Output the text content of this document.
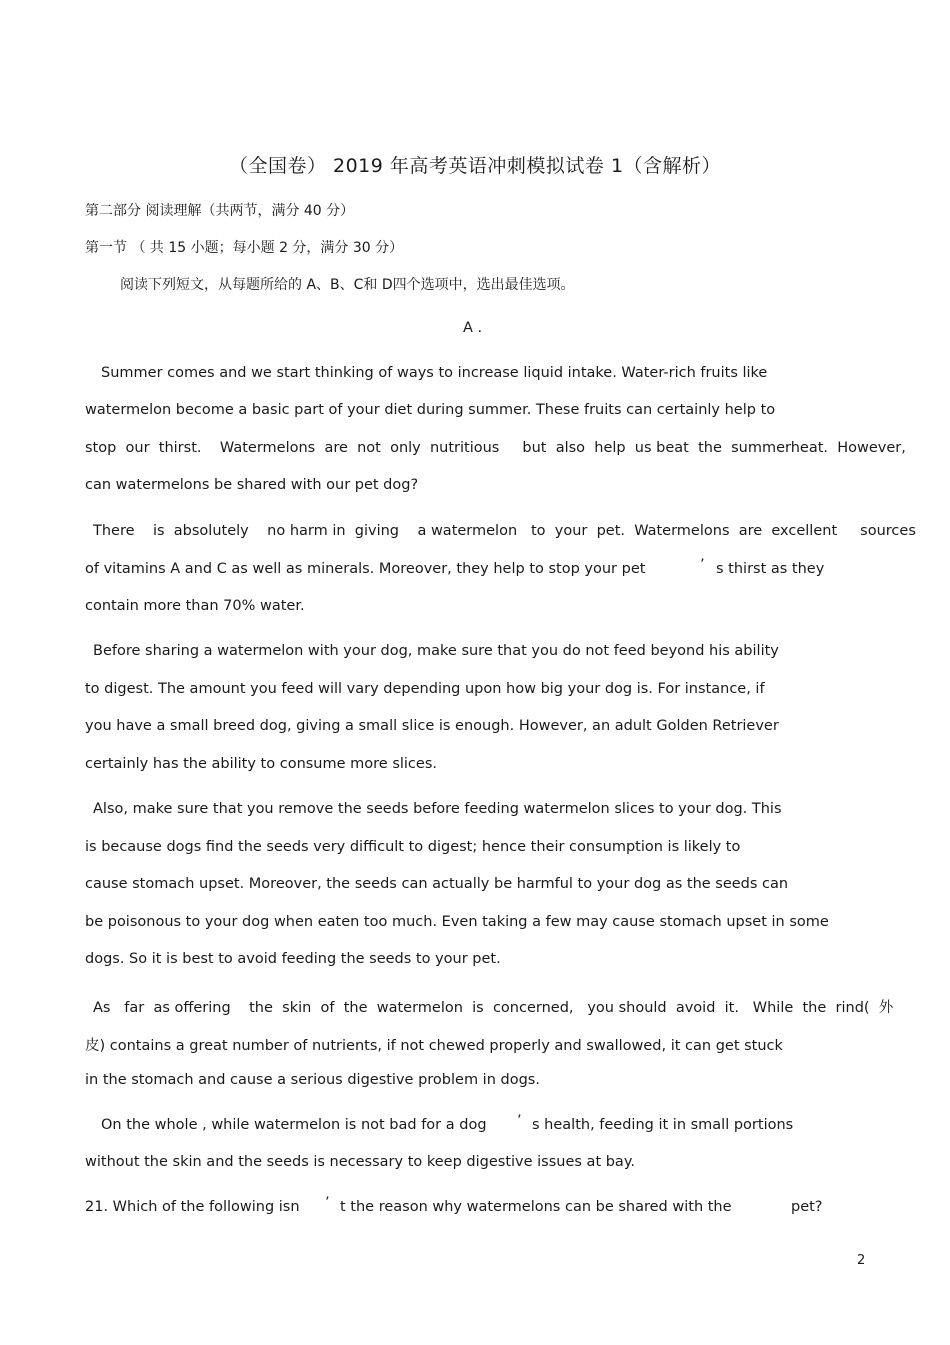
（全国卷） 2019 年高考英语冲刺模拟试卷 1（含解析）
第二部分 阅读理解（共两节，满分 40 分）
第一节 （ 共 15 小题；每小题 2 分，满分 30 分）
阅读下列短文，从每题所给的 A、B、C和 D四个选项中，选出最佳选项。
A .
Summer comes and we start thinking of ways to increase liquid intake. Water-rich fruits like
watermelon become a basic part of your diet during summer. These fruits can certainly help to
stop  our  thirst.    Watermelons  are  not  only  nutritious     but  also  help  us beat  the  summerheat.  However,
can watermelons be shared with our pet dog?
There    is  absolutely    no harm in  giving    a watermelon   to  your  pet.  Watermelons  are  excellent     sources
of vitamins A and C as well as minerals. Moreover, they help to stop your pet	’ s thirst as they
contain more than 70% water.
Before sharing a watermelon with your dog, make sure that you do not feed beyond his ability
to digest. The amount you feed will vary depending upon how big your dog is. For instance, if
you have a small breed dog, giving a small slice is enough. However, an adult Golden Retriever
certainly has the ability to consume more slices.
Also, make sure that you remove the seeds before feeding watermelon slices to your dog. This
is because dogs find the seeds very difficult to digest; hence their consumption is likely to
cause stomach upset. Moreover, the seeds can actually be harmful to your dog as the seeds can
be poisonous to your dog when eaten too much. Even taking a few may cause stomach upset in some
dogs. So it is best to avoid feeding the seeds to your pet.
As   far  as offering    the  skin  of  the  watermelon  is  concerned,   you should  avoid  it.   While  the  rind(  外
皮) contains a great number of nutrients, if not chewed properly and swallowed, it can get stuck
in the stomach and cause a serious digestive problem in dogs.
On the whole , while watermelon is not bad for a dog ’ s health, feeding it in small portions
without the skin and the seeds is necessary to keep digestive issues at bay.
21. Which of the following isn ’ t the reason why watermelons can be shared with the	pet?
2
